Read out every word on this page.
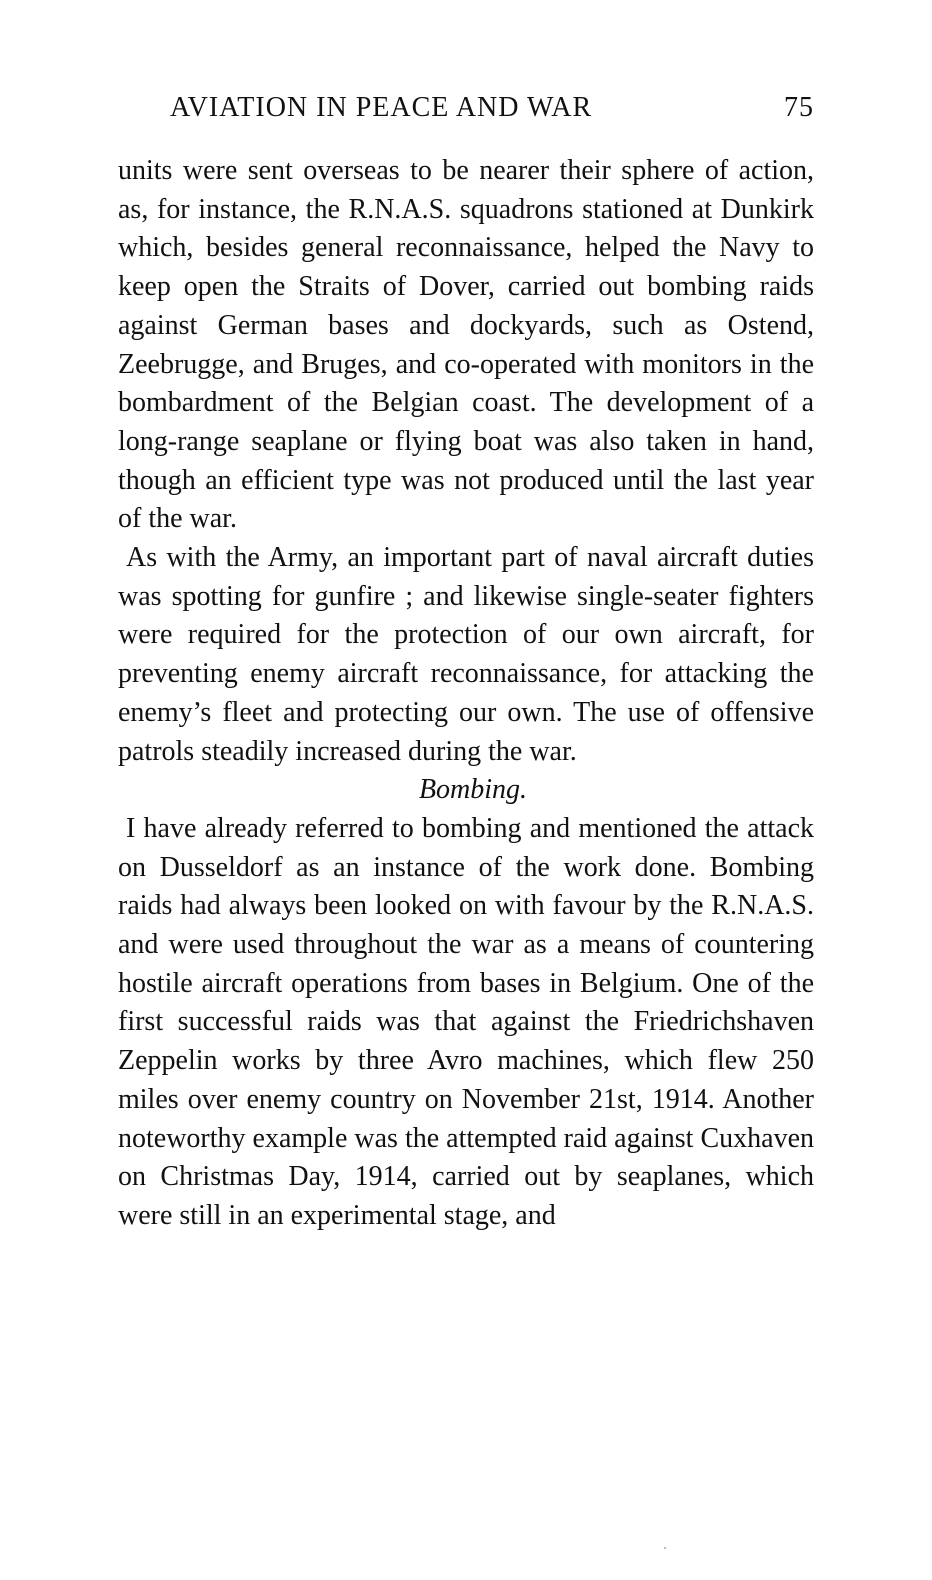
AVIATION IN PEACE AND WAR	75

units were sent overseas to be nearer their sphere of action, as, for instance, the R.N.A.S. squadrons stationed at Dunkirk which, besides general reconnaissance, helped the Navy to keep open the Straits of Dover, carried out bombing raids against German bases and dockyards, such as Ostend, Zeebrugge, and Bruges, and co-operated with monitors in the bombardment of the Belgian coast. The development of a long-range seaplane or flying boat was also taken in hand, though an efficient type was not produced until the last year of the war.

As with the Army, an important part of naval aircraft duties was spotting for gunfire ; and likewise single-seater fighters were required for the protection of our own aircraft, for preventing enemy aircraft reconnaissance, for attacking the enemy’s fleet and protecting our own. The use of offensive patrols steadily increased during the war.

Bombing.

I have already referred to bombing and mentioned the attack on Dusseldorf as an instance of the work done. Bombing raids had always been looked on with favour by the R.N.A.S. and were used throughout the war as a means of countering hostile aircraft operations from bases in Belgium. One of the first successful raids was that against the Friedrichshaven Zeppelin works by three Avro machines, which flew 250 miles over enemy country on November 21st, 1914. Another noteworthy example was the attempted raid against Cuxhaven on Christmas Day, 1914, carried out by seaplanes, which were still in an experimental stage, and
